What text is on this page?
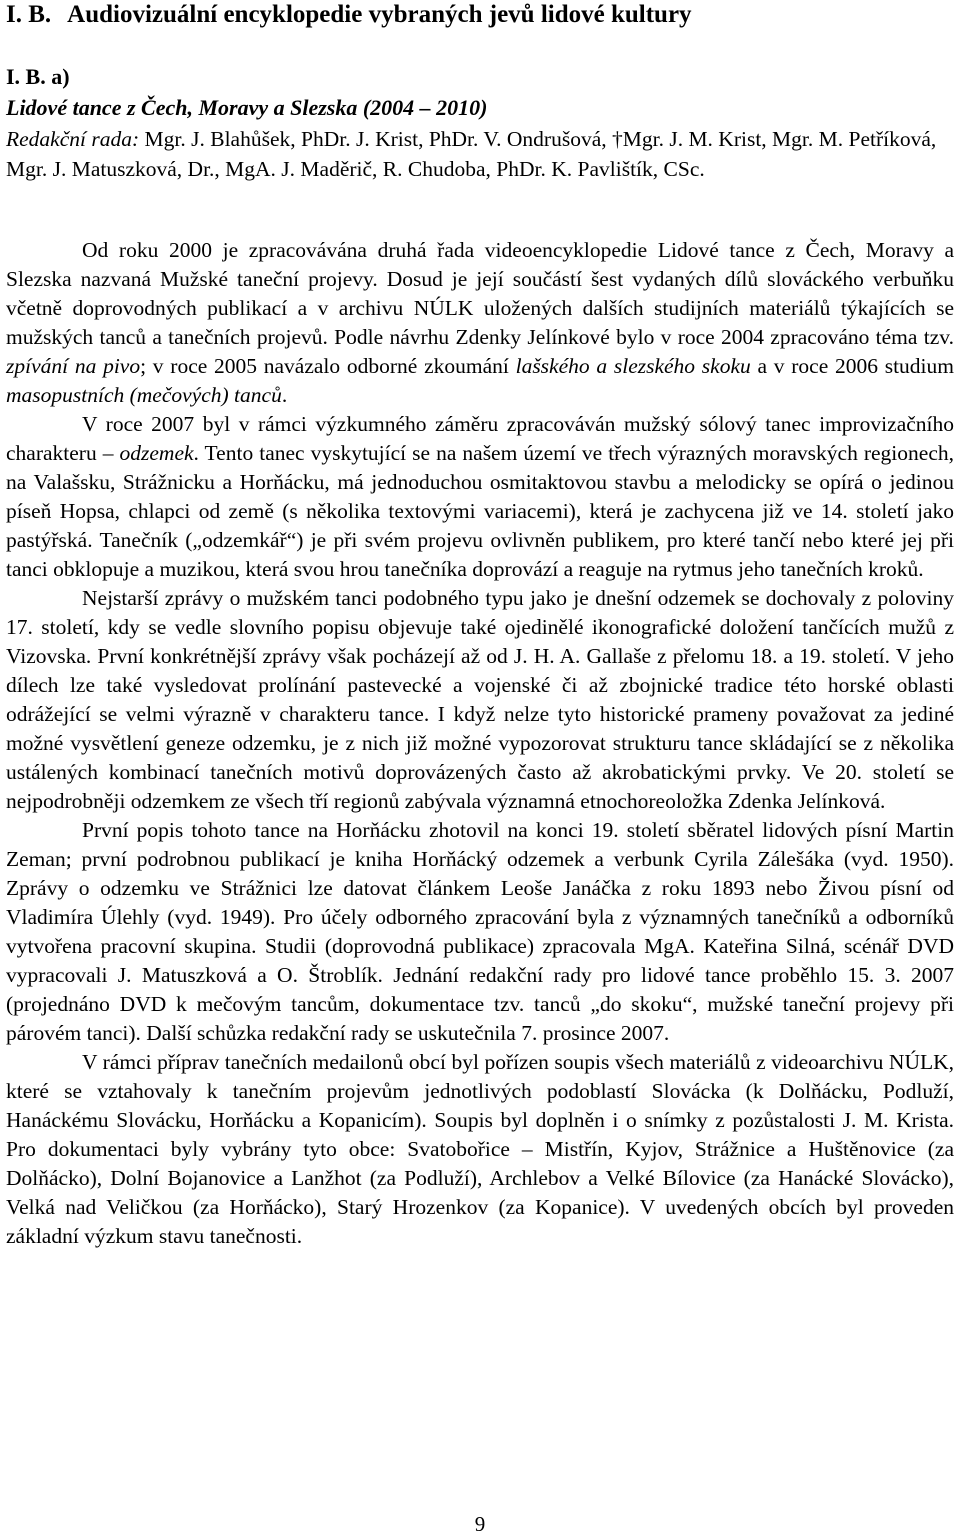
I. B. Audiovizuální encyklopedie vybraných jevů lidové kultury
I. B. a)
Lidové tance z Čech, Moravy a Slezska (2004 – 2010)
Redakční rada: Mgr. J. Blahůšek, PhDr. J. Krist, PhDr. V. Ondrušová, †Mgr. J. M. Krist, Mgr. M. Petříková, Mgr. J. Matuszková, Dr., MgA. J. Maděrič, R. Chudoba, PhDr. K. Pavlištík, CSc.

Od roku 2000 je zpracovávána druhá řada videoencyklopedie Lidové tance z Čech, Moravy a Slezska nazvaná Mužské taneční projevy. Dosud je její součástí šest vydaných dílů slováckého verbuňku včetně doprovodných publikací a v archivu NÚLK uložených dalších studijních materiálů týkajících se mužských tanců a tanečních projevů. Podle návrhu Zdenky Jelínkové bylo v roce 2004 zpracováno téma tzv. zpívání na pivo; v roce 2005 navázalo odborné zkoumání lašského a slezského skoku a v roce 2006 studium masopustních (mečových) tanců.

V roce 2007 byl v rámci výzkumného záměru zpracováván mužský sólový tanec improvizačního charakteru – odzemek. Tento tanec vyskytující se na našem území ve třech výrazných moravských regionech, na Valašsku, Strážnicku a Horňácku, má jednoduchou osmitaktovou stavbu a melodicky se opírá o jedinou píseň Hopsa, chlapci od země (s několika textovými variacemi), která je zachycena již ve 14. století jako pastýřská. Tanečník („odzemkář“) je při svém projevu ovlivněn publikem, pro které tančí nebo které jej při tanci obklopuje a muzikou, která svou hrou tanečníka doprovází a reaguje na rytmus jeho tanečních kroků.

Nejstarší zprávy o mužském tanci podobného typu jako je dnešní odzemek se dochovaly z poloviny 17. století, kdy se vedle slovního popisu objevuje také ojedinělé ikonografické doložení tančících mužů z Vizovska. První konkrétnější zprávy však pocházejí až od J. H. A. Gallaše z přelomu 18. a 19. století. V jeho dílech lze také vysledovat prolínání pastevecké a vojenské či až zbojnické tradice této horské oblasti odrážející se velmi výrazně v charakteru tance. I když nelze tyto historické prameny považovat za jediné možné vysvětlení geneze odzemku, je z nich již možné vypozorovat strukturu tance skládající se z několika ustálených kombinací tanečních motivů doprovázených často až akrobatickými prvky. Ve 20. století se nejpodrobněji odzemkem ze všech tří regionů zabývala významná etnochoreoložka Zdenka Jelínková.

První popis tohoto tance na Horňácku zhotovil na konci 19. století sběratel lidových písní Martin Zeman; první podrobnou publikací je kniha Horňácký odzemek a verbunk Cyrila Zálešáka (vyd. 1950). Zprávy o odzemku ve Strážnici lze datovat článkem Leoše Janáčka z roku 1893 nebo Živou písní od Vladimíra Úlehly (vyd. 1949). Pro účely odborného zpracování byla z významných tanečníků a odborníků vytvořena pracovní skupina. Studii (doprovodná publikace) zpracovala MgA. Kateřina Silná, scénář DVD vypracovali J. Matuszková a O. Štroblík. Jednání redakční rady pro lidové tance proběhlo 15. 3. 2007 (projednáno DVD k mečovým tancům, dokumentace tzv. tanců „do skoku“, mužské taneční projevy při párovém tanci). Další schůzka redakční rady se uskutečnila 7. prosince 2007.

V rámci příprav tanečních medailonů obcí byl pořízen soupis všech materiálů z videoarchivu NÚLK, které se vztahovaly k tanečním projevům jednotlivých podoblastí Slovácka (k Dolňácku, Podluží, Hanáckému Slovácku, Horňácku a Kopanicím). Soupis byl doplněn i o snímky z pozůstalosti J. M. Krista. Pro dokumentaci byly vybrány tyto obce: Svatobořice – Mistřín, Kyjov, Strážnice a Huštěnovice (za Dolňácko), Dolní Bojanovice a Lanžhot (za Podluží), Archlebov a Velké Bílovice (za Hanácké Slovácko), Velká nad Veličkou (za Horňácko), Starý Hrozenkov (za Kopanice). V uvedených obcích byl proveden základní výzkum stavu tanečnosti.

9
